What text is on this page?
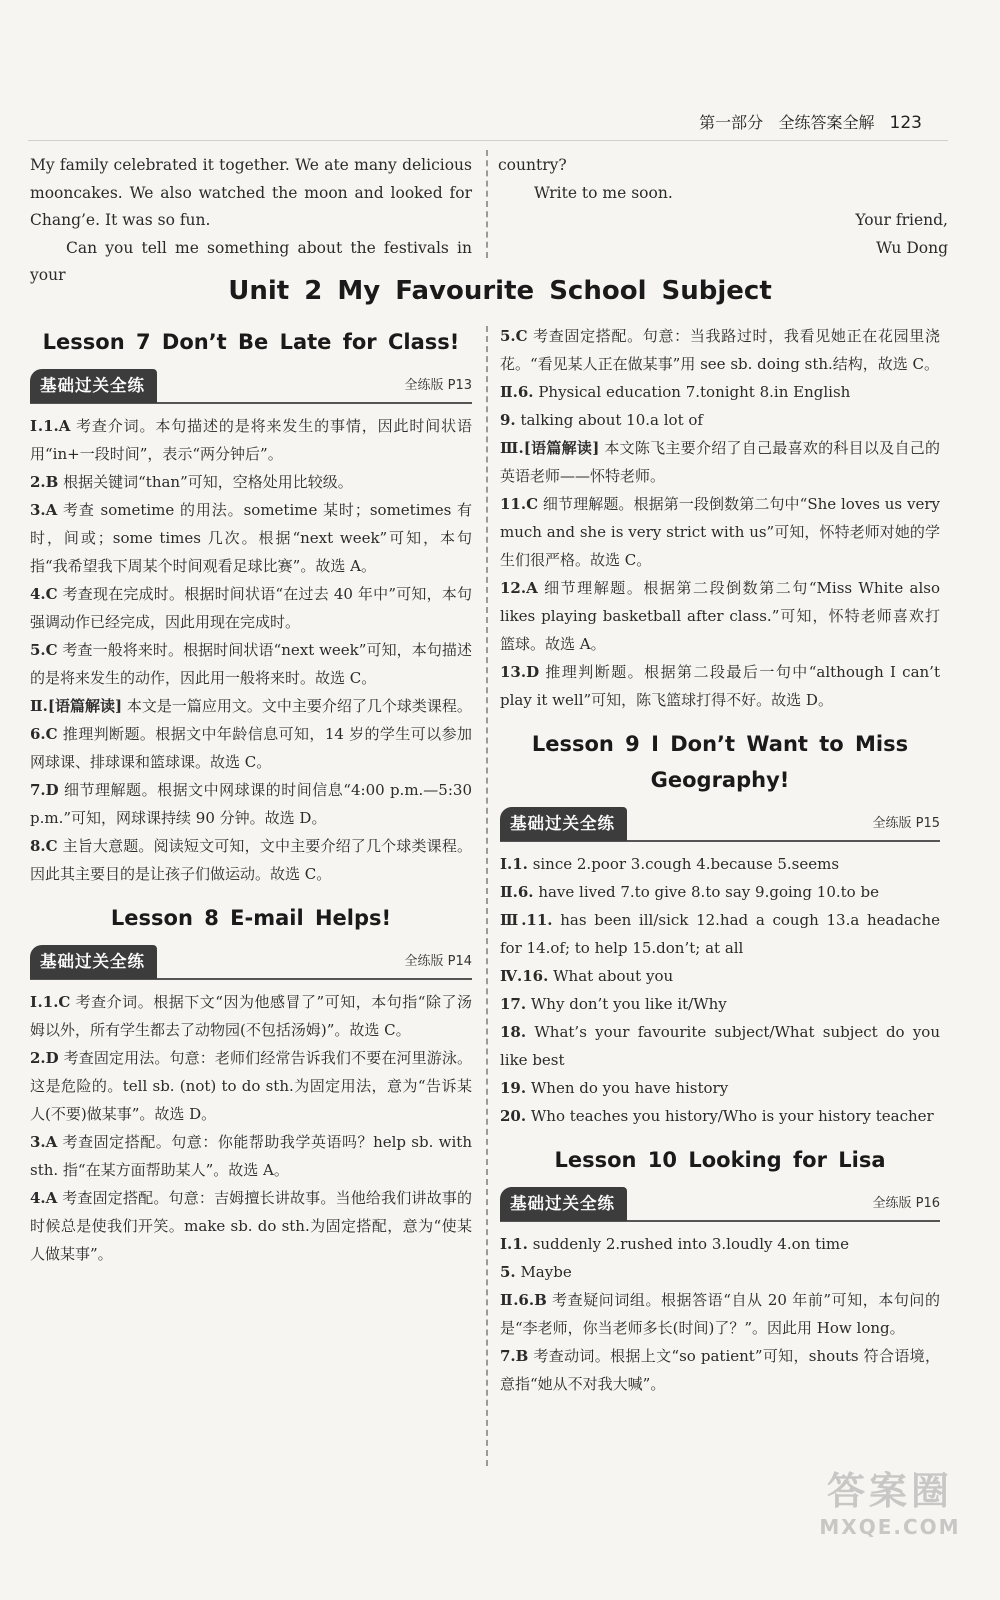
第一部分 全练答案全解 123

My family celebrated it together. We ate many delicious mooncakes. We also watched the moon and looked for Chang’e. It was so fun.

Can you tell me something about the festivals in your

country?

Write to me soon.

Your friend,

Wu Dong

Unit 2 My Favourite School Subject
Lesson 7 Don’t Be Late for Class!
基础过关全练	全练版 P13

Ⅰ.1.A 考查介词。本句描述的是将来发生的事情，因此时间状语用“in+一段时间”，表示“两分钟后”。

2.B 根据关键词“than”可知，空格处用比较级。

3.A 考查 sometime 的用法。sometime 某时；sometimes 有时，间或；some times 几次。根据“next week”可知，本句指“我希望我下周某个时间观看足球比赛”。故选 A。

4.C 考查现在完成时。根据时间状语“在过去 40 年中”可知，本句强调动作已经完成，因此用现在完成时。

5.C 考查一般将来时。根据时间状语“next week”可知，本句描述的是将来发生的动作，因此用一般将来时。故选 C。

Ⅱ.[语篇解读] 本文是一篇应用文。文中主要介绍了几个球类课程。

6.C 推理判断题。根据文中年龄信息可知，14 岁的学生可以参加网球课、排球课和篮球课。故选 C。

7.D 细节理解题。根据文中网球课的时间信息“4:00 p.m.—5:30 p.m.”可知，网球课持续 90 分钟。故选 D。

8.C 主旨大意题。阅读短文可知，文中主要介绍了几个球类课程。因此其主要目的是让孩子们做运动。故选 C。

Lesson 8 E-mail Helps!
基础过关全练	全练版 P14

Ⅰ.1.C 考查介词。根据下文“因为他感冒了”可知，本句指“除了汤姆以外，所有学生都去了动物园(不包括汤姆)”。故选 C。

2.D 考查固定用法。句意：老师们经常告诉我们不要在河里游泳。这是危险的。tell sb. (not) to do sth.为固定用法，意为“告诉某人(不要)做某事”。故选 D。

3.A 考查固定搭配。句意：你能帮助我学英语吗？help sb. with sth. 指“在某方面帮助某人”。故选 A。

4.A 考查固定搭配。句意：吉姆擅长讲故事。当他给我们讲故事的时候总是使我们开笑。make sb. do sth.为固定搭配，意为“使某人做某事”。

5.C 考查固定搭配。句意：当我路过时，我看见她正在花园里浇花。“看见某人正在做某事”用 see sb. doing sth.结构，故选 C。

Ⅱ.6. Physical education 7.tonight 8.in English

9. talking about 10.a lot of

Ⅲ.[语篇解读] 本文陈飞主要介绍了自己最喜欢的科目以及自己的英语老师——怀特老师。

11.C 细节理解题。根据第一段倒数第二句中“She loves us very much and she is very strict with us”可知，怀特老师对她的学生们很严格。故选 C。

12.A 细节理解题。根据第二段倒数第二句“Miss White also likes playing basketball after class.”可知，怀特老师喜欢打篮球。故选 A。

13.D 推理判断题。根据第二段最后一句中“although I can’t play it well”可知，陈飞篮球打得不好。故选 D。

Lesson 9 I Don’t Want to Miss Geography!
基础过关全练	全练版 P15

Ⅰ.1. since 2.poor 3.cough 4.because 5.seems

Ⅱ.6. have lived 7.to give 8.to say 9.going 10.to be

Ⅲ.11. has been ill/sick 12.had a cough 13.a headache for 14.of; to help 15.don’t; at all

Ⅳ.16. What about you

17. Why don’t you like it/Why

18. What’s your favourite subject/What subject do you like best

19. When do you have history

20. Who teaches you history/Who is your history teacher

Lesson 10 Looking for Lisa
基础过关全练	全练版 P16

Ⅰ.1. suddenly 2.rushed into 3.loudly 4.on time

5. Maybe

Ⅱ.6.B 考查疑问词组。根据答语“自从 20 年前”可知，本句问的是“李老师，你当老师多长(时间)了？”。因此用 How long。

7.B 考查动词。根据上文“so patient”可知，shouts 符合语境，意指“她从不对我大喊”。

答案圈
MXQE.COM
